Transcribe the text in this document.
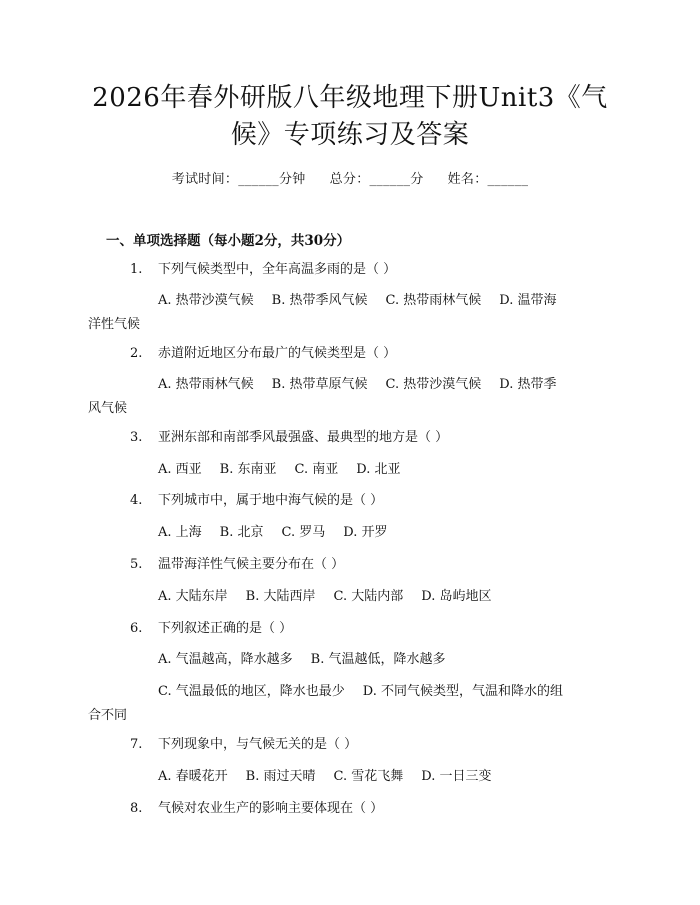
2026年春外研版八年级地理下册Unit3《气
候》专项练习及答案
考试时间：______分钟 总分：______分 姓名：______
一、单项选择题（每小题2分，共30分）
1. 下列气候类型中，全年高温多雨的是（ ）
A. 热带沙漠气候 B. 热带季风气候 C. 热带雨林气候 D. 温带海
洋性气候
2. 赤道附近地区分布最广的气候类型是（ ）
A. 热带雨林气候 B. 热带草原气候 C. 热带沙漠气候 D. 热带季
风气候
3. 亚洲东部和南部季风最强盛、最典型的地方是（ ）
A. 西亚 B. 东南亚 C. 南亚 D. 北亚
4. 下列城市中，属于地中海气候的是（ ）
A. 上海 B. 北京 C. 罗马 D. 开罗
5. 温带海洋性气候主要分布在（ ）
A. 大陆东岸 B. 大陆西岸 C. 大陆内部 D. 岛屿地区
6. 下列叙述正确的是（ ）
A. 气温越高，降水越多 B. 气温越低，降水越多
C. 气温最低的地区，降水也最少 D. 不同气候类型，气温和降水的组
合不同
7. 下列现象中，与气候无关的是（ ）
A. 春暖花开 B. 雨过天晴 C. 雪花飞舞 D. 一日三变
8. 气候对农业生产的影响主要体现在（ ）
